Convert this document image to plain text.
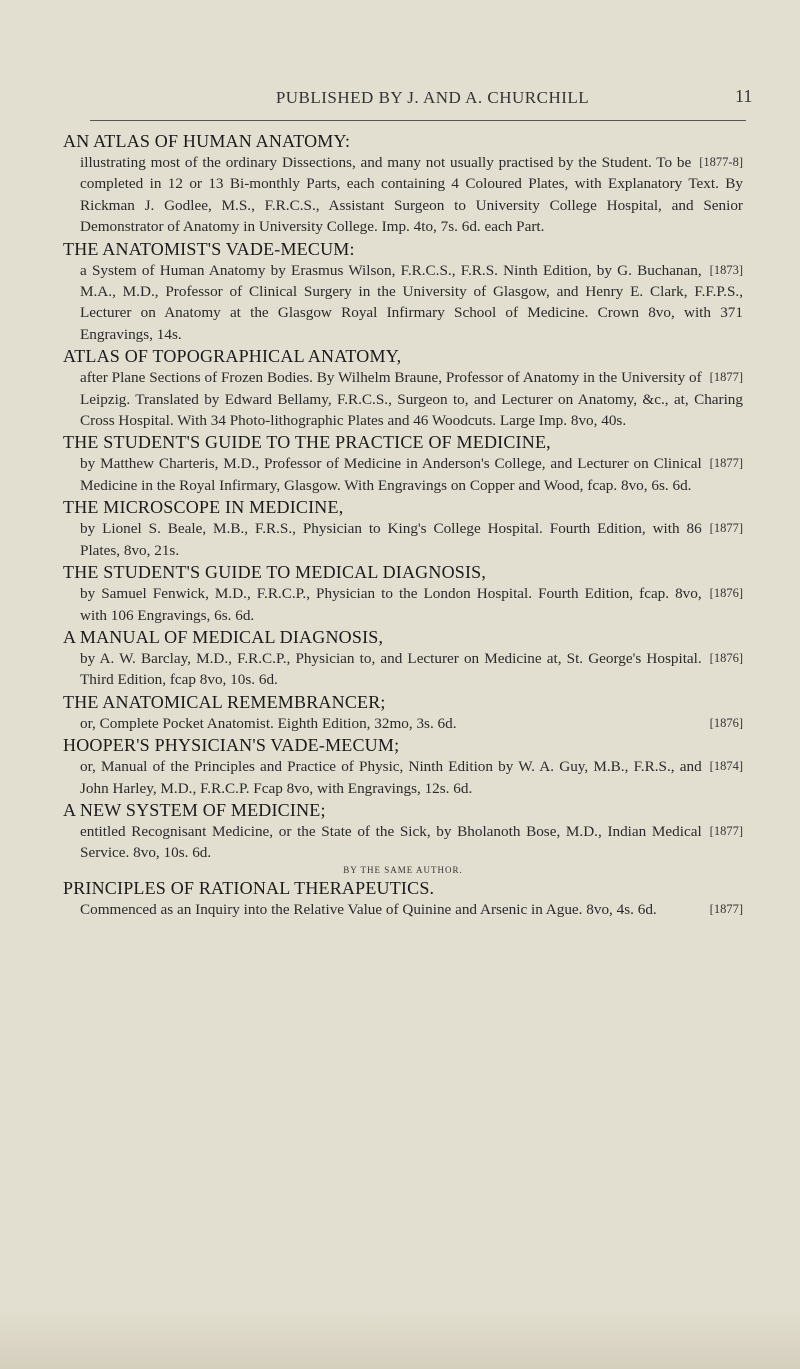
PUBLISHED BY J. AND A. CHURCHILL	11
AN ATLAS OF HUMAN ANATOMY:
[1877-8]
illustrating most of the ordinary Dissections, and many not usually practised by the Student. To be completed in 12 or 13 Bi-monthly Parts, each containing 4 Coloured Plates, with Explanatory Text. By Rickman J. Godlee, M.S., F.R.C.S., Assistant Surgeon to University College Hospital, and Senior Demonstrator of Anatomy in University College. Imp. 4to, 7s. 6d. each Part.
THE ANATOMIST'S VADE-MECUM:
[1873]
a System of Human Anatomy by Erasmus Wilson, F.R.C.S., F.R.S. Ninth Edition, by G. Buchanan, M.A., M.D., Professor of Clinical Surgery in the University of Glasgow, and Henry E. Clark, F.F.P.S., Lecturer on Anatomy at the Glasgow Royal Infirmary School of Medicine. Crown 8vo, with 371 Engravings, 14s.
ATLAS OF TOPOGRAPHICAL ANATOMY,
[1877]
after Plane Sections of Frozen Bodies. By Wilhelm Braune, Professor of Anatomy in the University of Leipzig. Translated by Edward Bellamy, F.R.C.S., Surgeon to, and Lecturer on Anatomy, &c., at, Charing Cross Hospital. With 34 Photo-lithographic Plates and 46 Woodcuts. Large Imp. 8vo, 40s.
THE STUDENT'S GUIDE TO THE PRACTICE OF MEDICINE,
[1877]
by Matthew Charteris, M.D., Professor of Medicine in Anderson's College, and Lecturer on Clinical Medicine in the Royal Infirmary, Glasgow. With Engravings on Copper and Wood, fcap. 8vo, 6s. 6d.
THE MICROSCOPE IN MEDICINE,
[1877]
by Lionel S. Beale, M.B., F.R.S., Physician to King's College Hospital. Fourth Edition, with 86 Plates, 8vo, 21s.
THE STUDENT'S GUIDE TO MEDICAL DIAGNOSIS,
[1876]
by Samuel Fenwick, M.D., F.R.C.P., Physician to the London Hospital. Fourth Edition, fcap. 8vo, with 106 Engravings, 6s. 6d.
A MANUAL OF MEDICAL DIAGNOSIS,
[1876]
by A. W. Barclay, M.D., F.R.C.P., Physician to, and Lecturer on Medicine at, St. George's Hospital. Third Edition, fcap 8vo, 10s. 6d.
THE ANATOMICAL REMEMBRANCER;
[1876]
or, Complete Pocket Anatomist. Eighth Edition, 32mo, 3s. 6d.
HOOPER'S PHYSICIAN'S VADE-MECUM;
[1874]
or, Manual of the Principles and Practice of Physic, Ninth Edition by W. A. Guy, M.B., F.R.S., and John Harley, M.D., F.R.C.P. Fcap 8vo, with Engravings, 12s. 6d.
A NEW SYSTEM OF MEDICINE;
[1877]
entitled Recognisant Medicine, or the State of the Sick, by Bholanoth Bose, M.D., Indian Medical Service. 8vo, 10s. 6d.
BY THE SAME AUTHOR.
PRINCIPLES OF RATIONAL THERAPEUTICS.
[1877]
Commenced as an Inquiry into the Relative Value of Quinine and Arsenic in Ague. 8vo, 4s. 6d.
